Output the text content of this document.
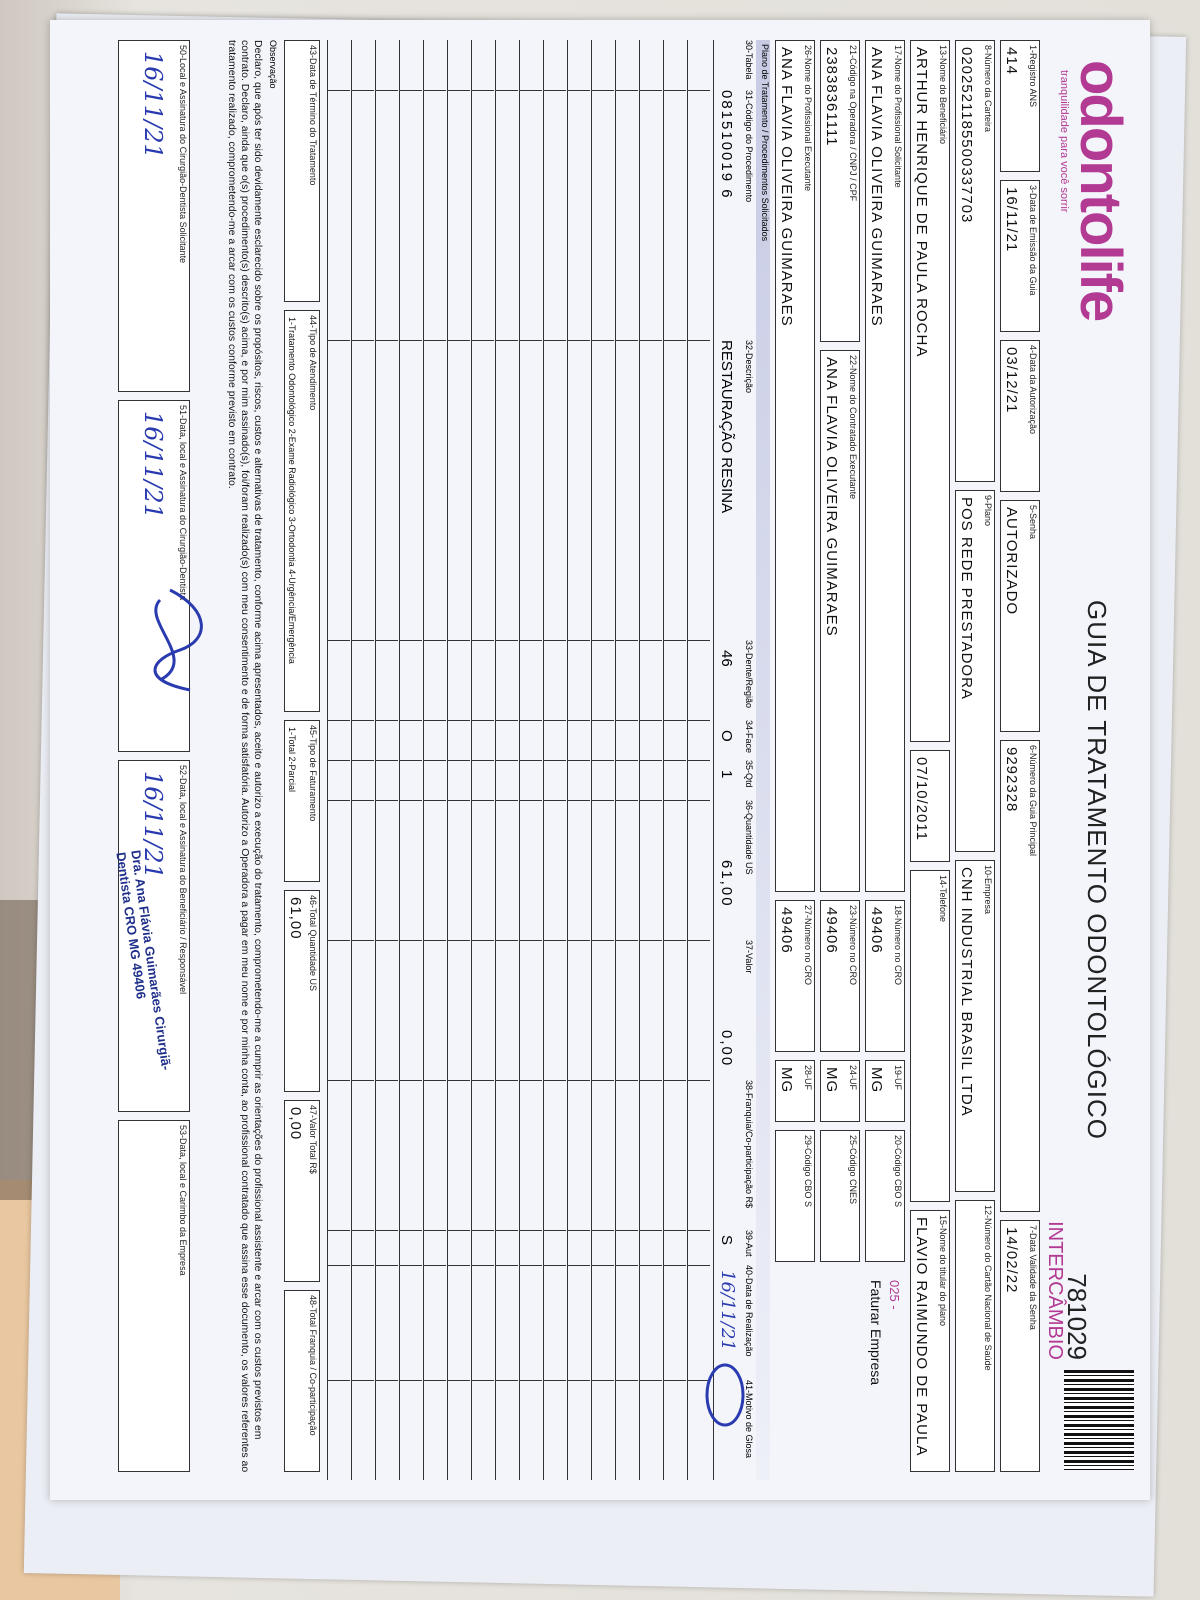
odontolife
tranquilidade para você sorrir
GUIA DE TRATAMENTO ODONTOLÓGICO
781029
INTERCÂMBIO
1-Registro ANS
414
3-Data de Emissão da Guia
16/11/21
4-Data da Autorização
03/12/21
5-Senha
AUTORIZADO
6-Número da Guia Principal
9292328
7-Data Validade da Senha
14/02/22
8-Número da Carteira
0202521185500337703
9-Plano
POS REDE PRESTADORA
10-Empresa
CNH INDUSTRIAL BRASIL LTDA
12-Número do Cartão Nacional de Saúde
13-Nome do Beneficiário
ARTHUR HENRIQUE DE PAULA ROCHA
07/10/2011
14-Telefone
15-Nome do titular do plano
FLAVIO RAIMUNDO DE PAULA
17-Nome do Profissional Solicitante
ANA FLAVIA OLIVEIRA GUIMARAES
18-Número no CRO
49406
19-UF
MG
20-Código CBO S
025 -
Faturar Empresa
21-Código na Operadora / CNPJ / CPF
23838361111
22-Nome do Contratado Executante
ANA FLAVIA OLIVEIRA GUIMARAES
23-Número no CRO
49406
24-UF
MG
25-Código CNES
26-Nome do Profissional Executante
ANA FLAVIA OLIVEIRA GUIMARAES
27-Número no CRO
49406
28-UF
MG
29-Código CBO S
Plano de Tratamento / Procedimentos Solicitados
30-Tabela
31-Código do Procedimento
32-Descrição
33-Dente/Região
34-Face
35-Qtd
36-Quantidade US
37-Valor
38-Franquia/Co-participação R$
39-Aut
40-Data de Realização
41-Motivo de Glosa
081510019 6
RESTAURAÇÃO RESINA
46
O
1
61,00
0,00
S
16/11/21
43-Data de Término do Tratamento
44-Tipo de Atendimento
1-Tratamento Odontológico 2-Exame Radiológico 3-Ortodontia 4-Urgência/Emergência
45-Tipo de Faturamento
1-Total 2-Parcial
46-Total Quantidade US
61,00
47-Valor Total R$
0,00
48-Total Franquia / Co-participação
Observação
Declaro, que após ter sido devidamente esclarecido sobre os propósitos, riscos, custos e alternativas de tratamento, conforme acima apresentados, aceito e autorizo a execução do tratamento, comprometendo-me a cumprir as orientações do profissional assistente e arcar com os custos previstos em contrato. Declaro, ainda que o(s) procedimento(s) descrito(s) acima, e por mim assinado(s), foi/foram realizado(s) com meu consentimento e de forma satisfatória. Autorizo a Operadora a pagar em meu nome e por minha conta, ao profissional contratado que assina esse documento, os valores referentes ao tratamento realizado, comprometendo-me a arcar com os custos conforme previsto em contrato.
50-Local e Assinatura do Cirurgião-Dentista Solicitante
16/11/21
51-Data, local e Assinatura do Cirurgião-Dentista
16/11/21
52-Data, local e Assinatura do Beneficiário / Responsável
16/11/21
53-Data, local e Carimbo da Empresa
Dra. Ana Flávia Guimarães Cirurgiã-Dentista CRO MG 49406
